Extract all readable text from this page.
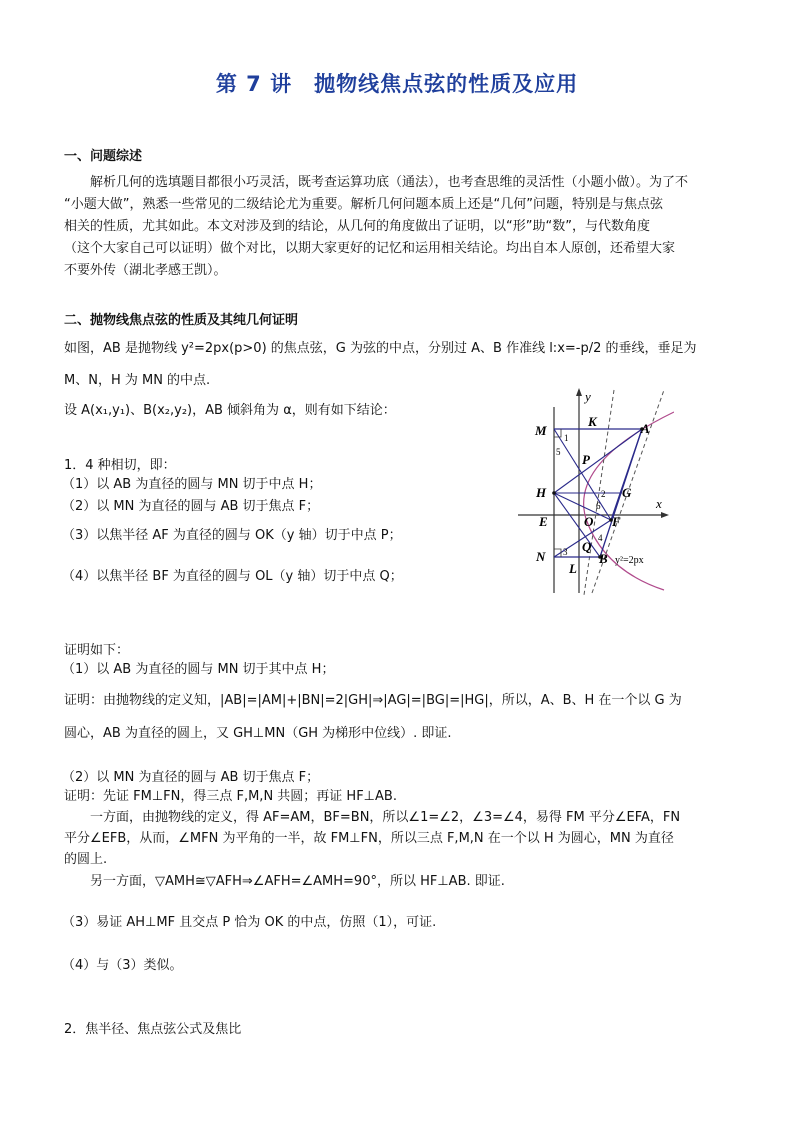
第 7 讲　抛物线焦点弦的性质及应用
一、问题综述
解析几何的选填题目都很小巧灵活，既考查运算功底（通法），也考查思维的灵活性（小题小做）。为了不
“小题大做”，熟悉一些常见的二级结论尤为重要。解析几何问题本质上还是“几何”问题，特别是与焦点弦
相关的性质，尤其如此。本文对涉及到的结论，从几何的角度做出了证明，以“形”助“数”，与代数角度
（这个大家自己可以证明）做个对比，以期大家更好的记忆和运用相关结论。均出自本人原创，还希望大家
不要外传（湖北孝感王凯）。
二、抛物线焦点弦的性质及其纯几何证明
如图，AB 是抛物线 y²=2px(p>0) 的焦点弦，G 为弦的中点，分别过 A、B 作准线 l:x=-p/2 的垂线，垂足为
M、N，H 为 MN 的中点.
设 A(x₁,y₁)、B(x₂,y₂)，AB 倾斜角为 α，则有如下结论：
1．4 种相切，即：
（1）以 AB 为直径的圆与 MN 切于中点 H；
（2）以 MN 为直径的圆与 AB 切于焦点 F；
（3）以焦半径 AF 为直径的圆与 OK（y 轴）切于中点 P；
（4）以焦半径 BF 为直径的圆与 OL（y 轴）切于中点 Q；
y
x
M
K	A
P
H	G
E	O F
N
Q
L
B
1
2
3
4
5
6
y²=2px
证明如下：
（1）以 AB 为直径的圆与 MN 切于其中点 H；
证明：由抛物线的定义知，|AB|=|AM|+|BN|=2|GH|⇒|AG|=|BG|=|HG|，所以，A、B、H 在一个以 G 为
圆心，AB 为直径的圆上，又 GH⊥MN（GH 为梯形中位线）. 即证.
（2）以 MN 为直径的圆与 AB 切于焦点 F；
证明：先证 FM⊥FN，得三点 F,M,N 共圆；再证 HF⊥AB.
一方面，由抛物线的定义，得 AF=AM，BF=BN，所以∠1=∠2，∠3=∠4，易得 FM 平分∠EFA，FN
平分∠EFB，从而，∠MFN 为平角的一半，故 FM⊥FN，所以三点 F,M,N 在一个以 H 为圆心，MN 为直径
的圆上.
另一方面，▽AMH≅▽AFH⇒∠AFH=∠AMH=90°，所以 HF⊥AB. 即证.
（3）易证 AH⊥MF 且交点 P 恰为 OK 的中点，仿照（1），可证.
（4）与（3）类似。
2．焦半径、焦点弦公式及焦比
